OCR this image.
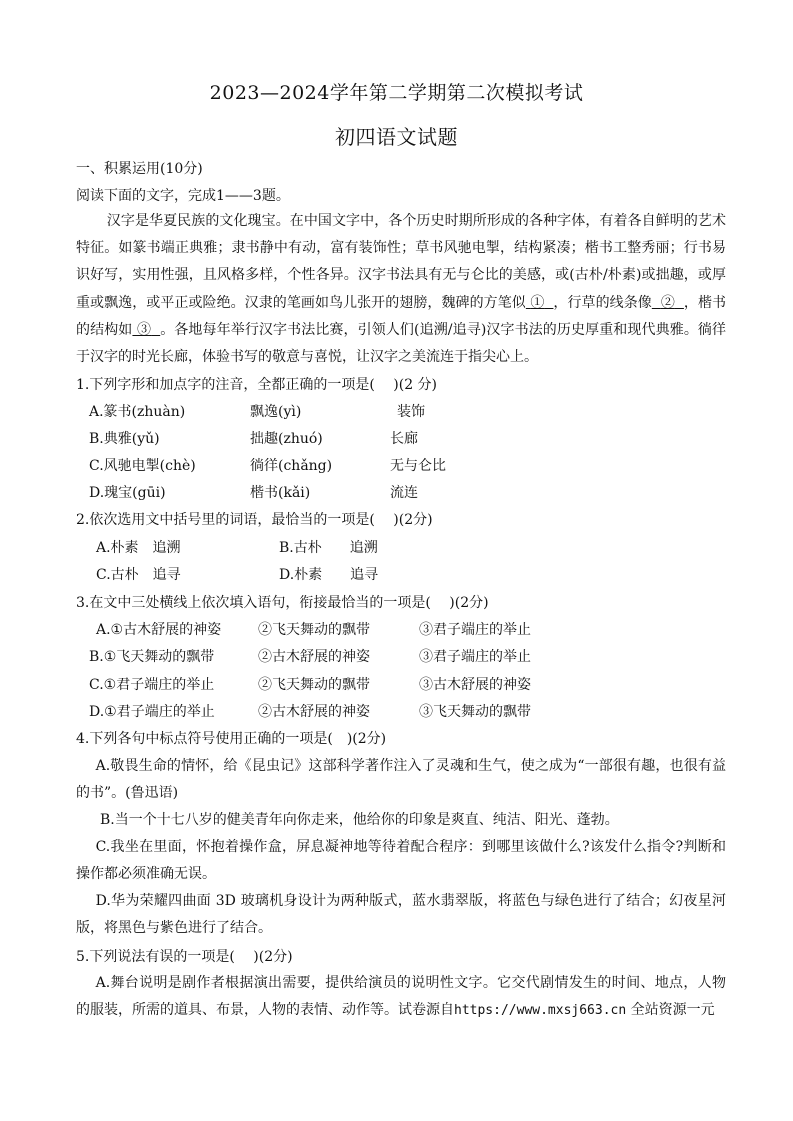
2023—2024学年第二学期第二次模拟考试
初四语文试题
一、积累运用(10分)
阅读下面的文字，完成1——3题。

汉字是华夏民族的文化瑰宝。在中国文字中，各个历史时期所形成的各种字体，有着各自鲜明的艺术特征。如篆书端正典雅；隶书静中有动，富有装饰性；草书风驰电掣，结构紧凑；楷书工整秀丽；行书易识好写，实用性强，且风格多样，个性各异。汉字书法具有无与仑比的美感，或(古朴/朴素)或拙趣，或厚重或飘逸，或平正或险绝。汉隶的笔画如鸟儿张开的翅膀，魏碑的方笔似 ① ，行草的线条像 ② ，楷书的结构如 ③ 。各地每年举行汉字书法比赛，引领人们(追溯/追寻)汉字书法的历史厚重和现代典雅。徜徉于汉字的时光长廊，体验书写的敬意与喜悦，让汉字之美流连于指尖心上。

1.下列字形和加点字的注音，全都正确的一项是(　 )(2 分)
A.篆书(zhuàn)	飘逸(yì)	装饰
B.典雅(yǔ)	拙趣(zhuó)	长廊
C.风驰电掣(chè)	徜徉(chǎng)	无与仑比
D.瑰宝(gūi)	楷书(kǎi)	流连
2.依次选用文中括号里的词语，最恰当的一项是(　 )(2分)
A.朴素　追溯	B.古朴　　追溯
C.古朴　追寻	D.朴素　　追寻
3.在文中三处横线上依次填入语句，衔接最恰当的一项是(　 )(2分)
A.①古木舒展的神姿	②飞天舞动的飘带	③君子端庄的举止
B.①飞天舞动的飘带	②古木舒展的神姿	③君子端庄的举止
C.①君子端庄的举止	②飞天舞动的飘带	③古木舒展的神姿
D.①君子端庄的举止	②古木舒展的神姿	③飞天舞动的飘带
4.下列各句中标点符号使用正确的一项是(　)(2分)

A.敬畏生命的情怀，给《昆虫记》这部科学著作注入了灵魂和生气，使之成为“一部很有趣，也很有益的书”。(鲁迅语)

B.当一个十七八岁的健美青年向你走来，他给你的印象是爽直、纯洁、阳光、蓬勃。

C.我坐在里面，怀抱着操作盒，屏息凝神地等待着配合程序：到哪里该做什么?该发什么指令?判断和操作都必须准确无误。

D.华为荣耀四曲面 3D 玻璃机身设计为两种版式，蓝水翡翠版，将蓝色与绿色进行了结合；幻夜星河版，将黑色与紫色进行了结合。

5.下列说法有误的一项是(　 )(2分)

A.舞台说明是剧作者根据演出需要，提供给演员的说明性文字。它交代剧情发生的时间、地点，人物的服装，所需的道具、布景，人物的表情、动作等。试卷源自https://www.mxsj663.cn 全站资源一元
